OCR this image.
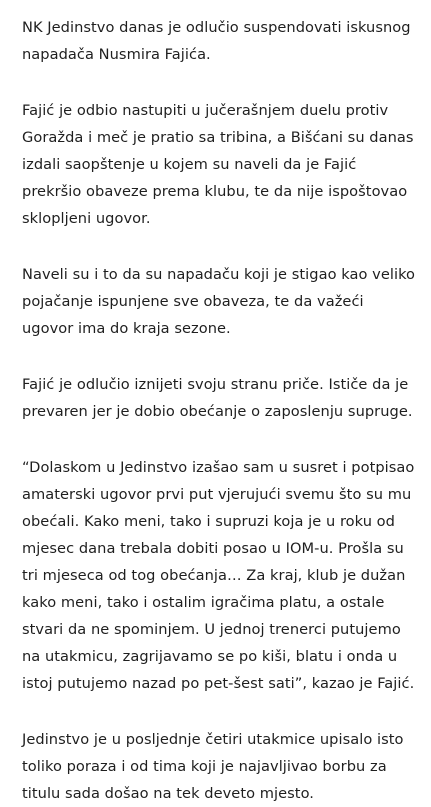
NK Jedinstvo danas je odlučio suspendovati iskusnog napadača Nusmira Fajića.

Fajić je odbio nastupiti u jučerašnjem duelu protiv Goražda i meč je pratio sa tribina, a Bišćani su danas izdali saopštenje u kojem su naveli da je Fajić prekršio obaveze prema klubu, te da nije ispoštovao sklopljeni ugovor.

Naveli su i to da su napadaču koji je stigao kao veliko pojačanje ispunjene sve obaveza, te da važeći ugovor ima do kraja sezone.

Fajić je odlučio iznijeti svoju stranu priče. Ističe da je prevaren jer je dobio obećanje o zaposlenju supruge.

“Dolaskom u Jedinstvo izašao sam u susret i potpisao amaterski ugovor prvi put vjerujući svemu što su mu obećali. Kako meni, tako i supruzi koja je u roku od mjesec dana trebala dobiti posao u IOM-u. Prošla su tri mjeseca od tog obećanja… Za kraj, klub je dužan kako meni, tako i ostalim igračima platu, a ostale stvari da ne spominjem. U jednoj trenerci putujemo na utakmicu, zagrijavamo se po kiši, blatu i onda u istoj putujemo nazad po pet-šest sati”, kazao je Fajić.

Jedinstvo je u posljednje četiri utakmice upisalo isto toliko poraza i od tima koji je najavljivao borbu za titulu sada došao na tek deveto mjesto.
